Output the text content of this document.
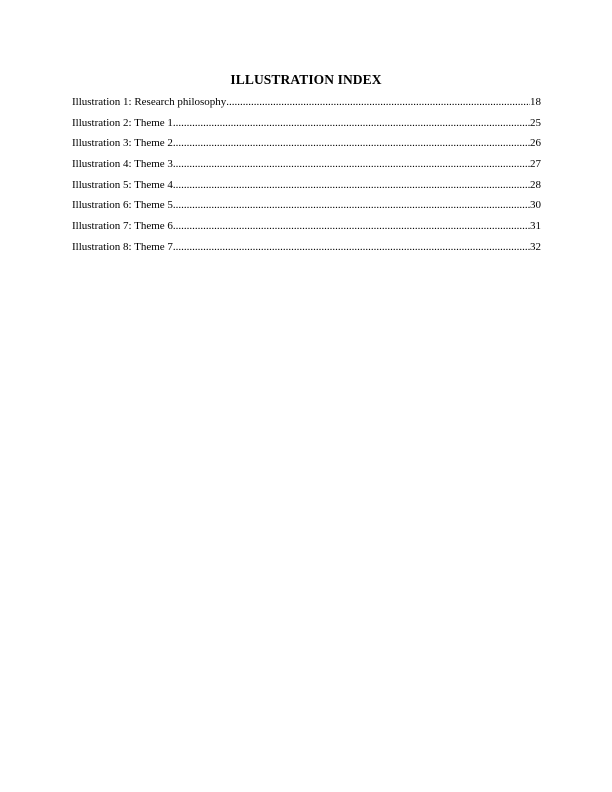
ILLUSTRATION INDEX
Illustration 1: Research philosophy .....	18
Illustration 2: Theme 1 .....	25
Illustration 3: Theme 2 .....	26
Illustration 4: Theme 3 .....	27
Illustration 5: Theme 4 .....	28
Illustration 6: Theme 5 .....	30
Illustration 7: Theme 6 .....	31
Illustration 8: Theme 7 .....	32
